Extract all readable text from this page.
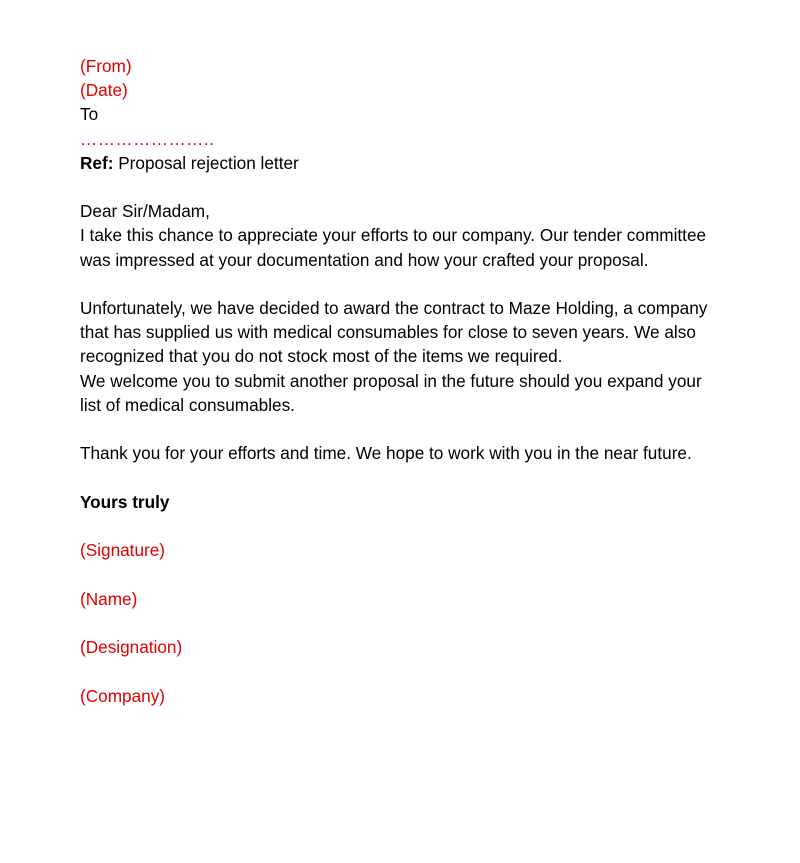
(From)
(Date)
To
…………………..
Ref: Proposal rejection letter
Dear Sir/Madam,
I take this chance to appreciate your efforts to our company. Our tender committee was impressed at your documentation and how your crafted your proposal.
Unfortunately, we have decided to award the contract to Maze Holding, a company that has supplied us with medical consumables for close to seven years. We also recognized that you do not stock most of the items we required.
We welcome you to submit another proposal in the future should you expand your list of medical consumables.
Thank you for your efforts and time. We hope to work with you in the near future.
Yours truly
(Signature)
(Name)
(Designation)
(Company)
